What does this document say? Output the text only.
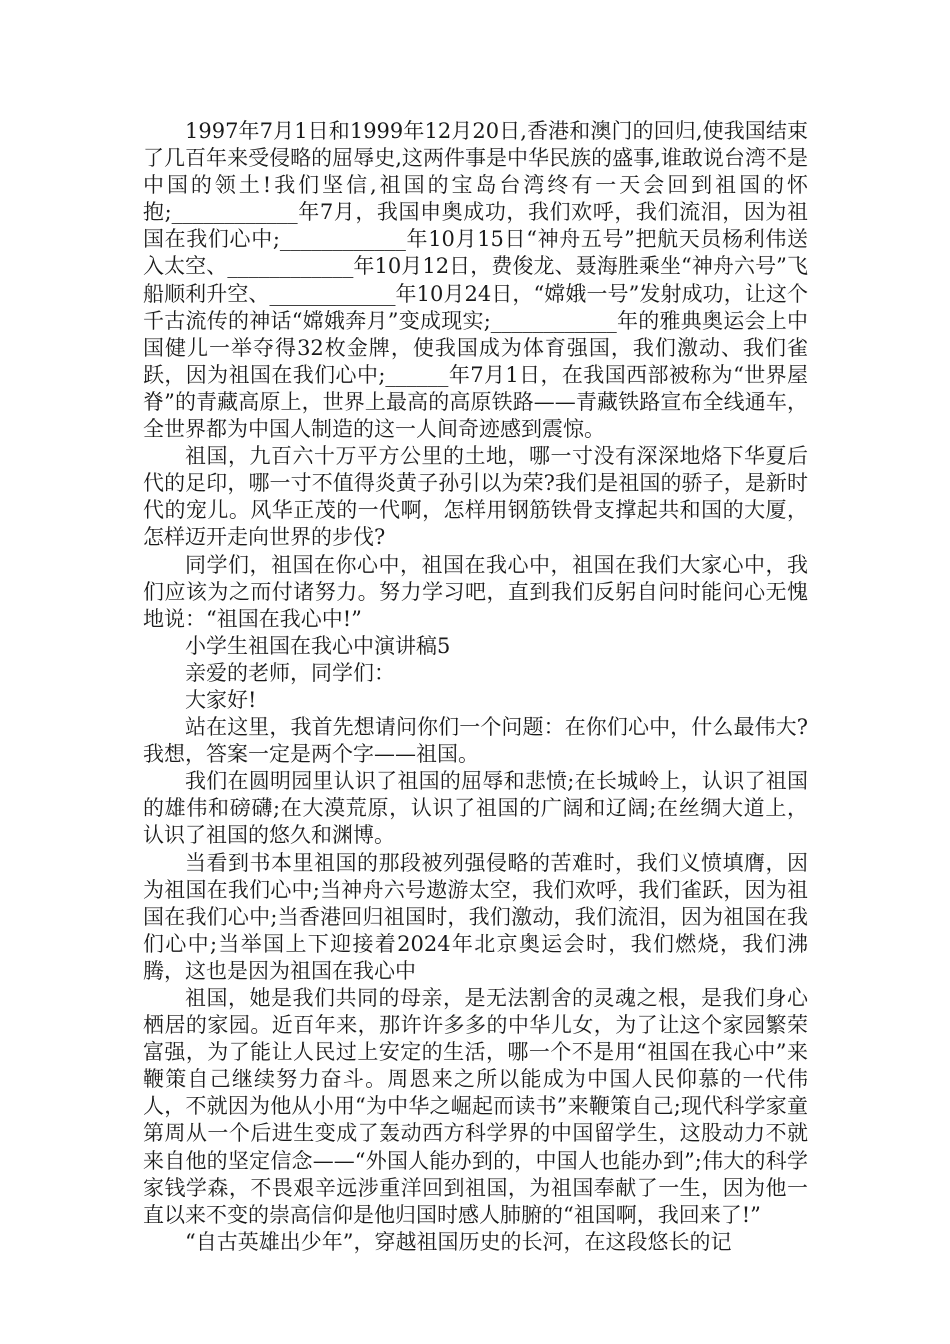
1997年7月1日和1999年12月20日,香港和澳门的回归,使我国结束了几百年来受侵略的屈辱史,这两件事是中华民族的盛事,谁敢说台湾不是中国的领土!我们坚信,祖国的宝岛台湾终有一天会回到祖国的怀抱;____________年7月，我国申奥成功，我们欢呼，我们流泪，因为祖国在我们心中;____________年10月15日“神舟五号”把航天员杨利伟送入太空、____________年10月12日，费俊龙、聂海胜乘坐“神舟六号”飞船顺利升空、____________年10月24日，“嫦娥一号”发射成功，让这个千古流传的神话“嫦娥奔月”变成现实;____________年的雅典奥运会上中国健儿一举夺得32枚金牌，使我国成为体育强国，我们激动、我们雀跃，因为祖国在我们心中;______年7月1日，在我国西部被称为“世界屋脊”的青藏高原上，世界上最高的高原铁路——青藏铁路宣布全线通车，全世界都为中国人制造的这一人间奇迹感到震惊。

祖国，九百六十万平方公里的土地，哪一寸没有深深地烙下华夏后代的足印，哪一寸不值得炎黄子孙引以为荣?我们是祖国的骄子，是新时代的宠儿。风华正茂的一代啊，怎样用钢筋铁骨支撑起共和国的大厦，怎样迈开走向世界的步伐?

同学们，祖国在你心中，祖国在我心中，祖国在我们大家心中，我们应该为之而付诸努力。努力学习吧，直到我们反躬自问时能问心无愧地说：“祖国在我心中!”

小学生祖国在我心中演讲稿5

亲爱的老师，同学们：

大家好!

站在这里，我首先想请问你们一个问题：在你们心中，什么最伟大?我想，答案一定是两个字——祖国。

我们在圆明园里认识了祖国的屈辱和悲愤;在长城岭上，认识了祖国的雄伟和磅礴;在大漠荒原，认识了祖国的广阔和辽阔;在丝绸大道上，认识了祖国的悠久和渊博。

当看到书本里祖国的那段被列强侵略的苦难时，我们义愤填膺，因为祖国在我们心中;当神舟六号遨游太空，我们欢呼，我们雀跃，因为祖国在我们心中;当香港回归祖国时，我们激动，我们流泪，因为祖国在我们心中;当举国上下迎接着2024年北京奥运会时，我们燃烧，我们沸腾，这也是因为祖国在我心中

祖国，她是我们共同的母亲，是无法割舍的灵魂之根，是我们身心栖居的家园。近百年来，那许许多多的中华儿女，为了让这个家园繁荣富强，为了能让人民过上安定的生活，哪一个不是用“祖国在我心中”来鞭策自己继续努力奋斗。周恩来之所以能成为中国人民仰慕的一代伟人，不就因为他从小用“为中华之崛起而读书”来鞭策自己;现代科学家童第周从一个后进生变成了轰动西方科学界的中国留学生，这股动力不就来自他的坚定信念——“外国人能办到的，中国人也能办到”;伟大的科学家钱学森，不畏艰辛远涉重洋回到祖国，为祖国奉献了一生，因为他一直以来不变的崇高信仰是他归国时感人肺腑的“祖国啊，我回来了!”

“自古英雄出少年”，穿越祖国历史的长河，在这段悠长的记
